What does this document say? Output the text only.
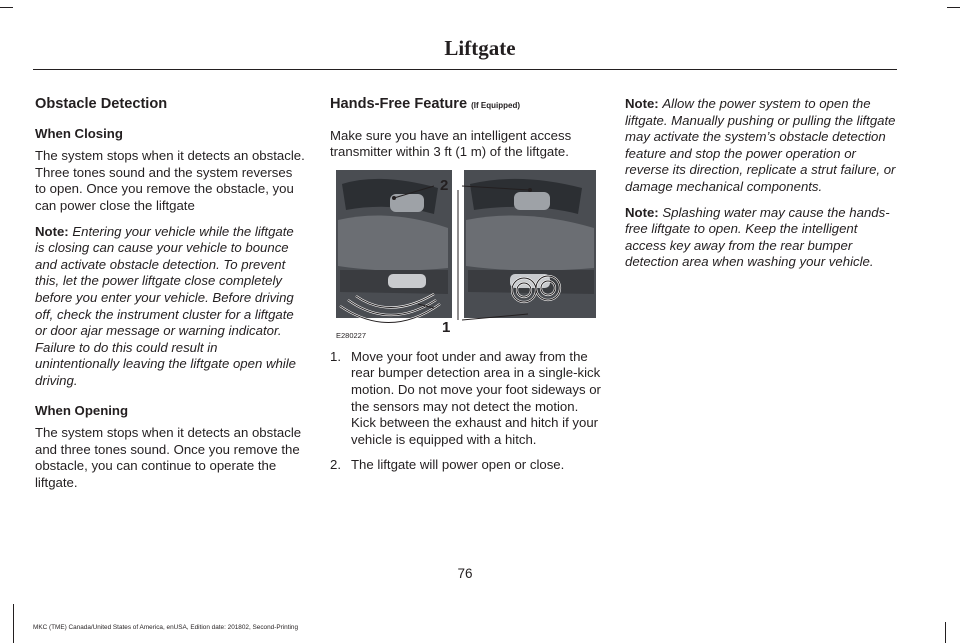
Liftgate
Obstacle Detection
When Closing

The system stops when it detects an obstacle. Three tones sound and the system reverses to open. Once you remove the obstacle, you can power close the liftgate

Note: Entering your vehicle while the liftgate is closing can cause your vehicle to bounce and activate obstacle detection. To prevent this, let the power liftgate close completely before you enter your vehicle. Before driving off, check the instrument cluster for a liftgate or door ajar message or warning indicator. Failure to do this could result in unintentionally leaving the liftgate open while driving.

When Opening

The system stops when it detects an obstacle and three tones sound. Once you remove the obstacle, you can continue to operate the liftgate.

Hands-Free Feature (If Equipped)

Make sure you have an intelligent access transmitter within 3 ft (1 m) of the liftgate.

2
1
E280227
1. Move your foot under and away from the rear bumper detection area in a single-kick motion. Do not move your foot sideways or the sensors may not detect the motion. Kick between the exhaust and hitch if your vehicle is equipped with a hitch.
2. The liftgate will power open or close.

Note: Allow the power system to open the liftgate. Manually pushing or pulling the liftgate may activate the system’s obstacle detection feature and stop the power operation or reverse its direction, replicate a strut failure, or damage mechanical components.

Note: Splashing water may cause the hands-free liftgate to open. Keep the intelligent access key away from the rear bumper detection area when washing your vehicle.

76
MKC (TME) Canada/United States of America, enUSA, Edition date: 201802, Second-Printing
